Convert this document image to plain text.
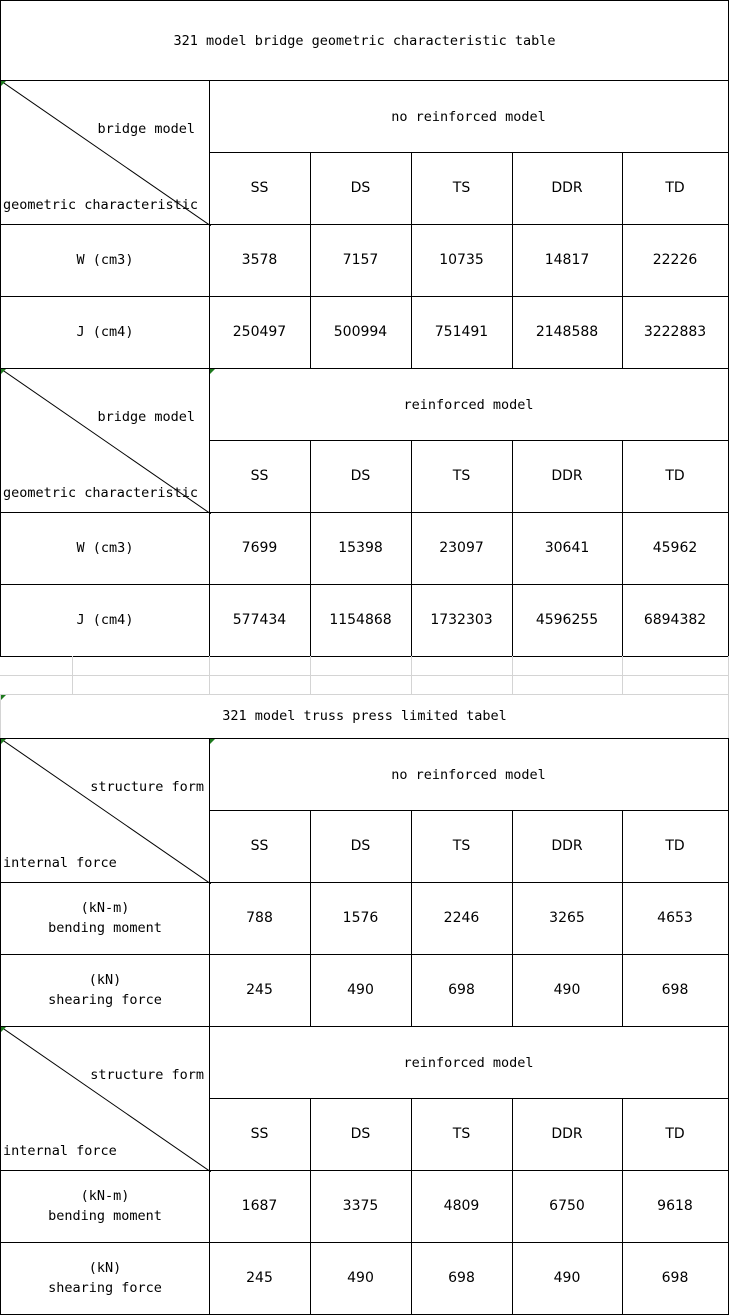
321 model bridge geometric characteristic table
bridge model
geometric characteristic
no reinforced model
SS	DS	TS	DDR	TD
W (cm3)	3578	7157	10735	14817	22226
J (cm4)	250497	500994	751491	2148588	3222883
bridge model
geometric characteristic
reinforced model
SS	DS	TS	DDR	TD
W (cm3)	7699	15398	23097	30641	45962
J (cm4)	577434	1154868	1732303	4596255	6894382
321 model truss press limited tabel
structure form
internal force
no reinforced model
SS	DS	TS	DDR	TD
(kN-m)
bending moment
788	1576	2246	3265	4653
(kN)
shearing force
245	490	698	490	698
structure form
internal force
reinforced model
SS	DS	TS	DDR	TD
(kN-m)
bending moment
1687	3375	4809	6750	9618
(kN)
shearing force
245	490	698	490	698
